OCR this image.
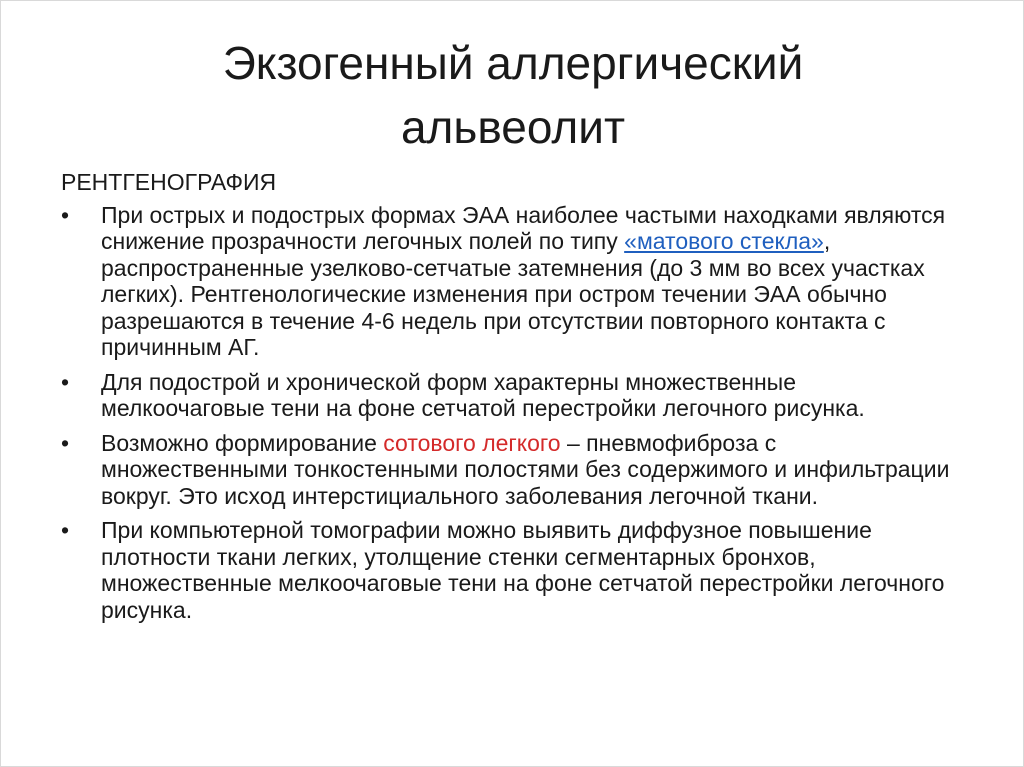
Экзогенный аллергический
альвеолит
РЕНТГЕНОГРАФИЯ
•	При острых и подострых формах ЭАА наиболее частыми находками являются снижение прозрачности легочных полей по типу «матового стекла», распространенные узелково-сетчатые затемнения (до 3 мм во всех участках легких). Рентгенологические изменения при остром течении ЭАА обычно разрешаются в течение 4-6 недель при отсутствии повторного контакта с причинным АГ.
•	Для подострой и хронической форм характерны множественные мелкоочаговые тени на фоне сетчатой перестройки легочного рисунка.
•	Возможно формирование сотового легкого – пневмофиброза с множественными тонкостенными полостями без содержимого и инфильтрации вокруг. Это исход интерстициального заболевания легочной ткани.
•	При компьютерной томографии можно выявить диффузное повышение плотности ткани легких, утолщение стенки сегментарных бронхов, множественные мелкоочаговые тени на фоне сетчатой перестройки легочного рисунка.
